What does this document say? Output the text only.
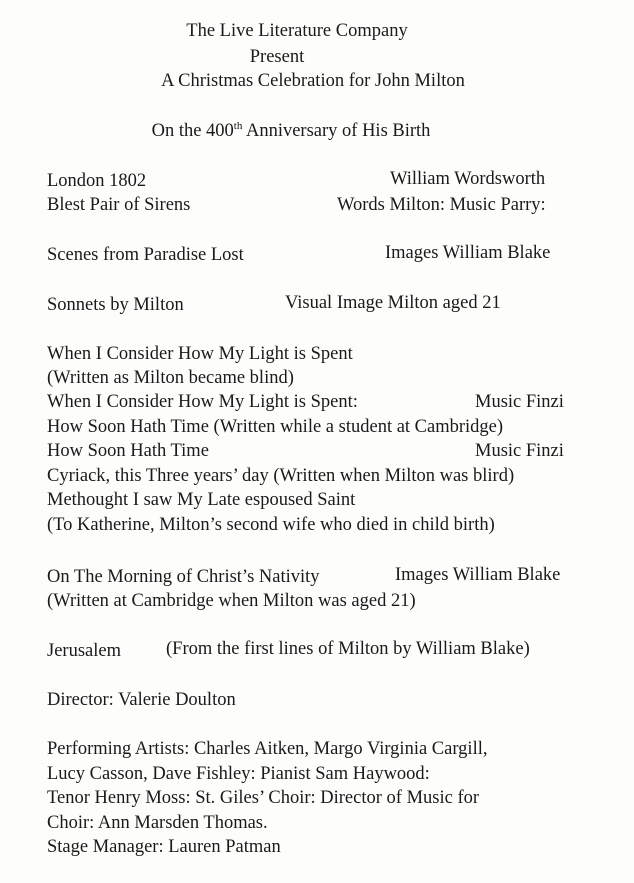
The Live Literature Company
Present
A Christmas Celebration for John Milton
On the 400th Anniversary of His Birth
London 1802	William Wordsworth
Blest Pair of Sirens	Words Milton: Music Parry:
Scenes from Paradise Lost	Images William Blake
Sonnets by Milton	Visual Image Milton aged 21
When I Consider How My Light is Spent
(Written as Milton became blind)
When I Consider How My Light is Spent:	Music Finzi
How Soon Hath Time (Written while a student at Cambridge)
How Soon Hath Time	Music Finzi
Cyriack, this Three years’ day (Written when Milton was blird)
Methought I saw My Late espoused Saint
(To Katherine, Milton’s second wife who died in child birth)
On The Morning of Christ’s Nativity	Images William Blake
(Written at Cambridge when Milton was aged 21)
Jerusalem (From the first lines of Milton by William Blake)
Director: Valerie Doulton
Performing Artists: Charles Aitken, Margo Virginia Cargill,
Lucy Casson, Dave Fishley: Pianist Sam Haywood:
Tenor Henry Moss: St. Giles’ Choir: Director of Music for
Choir: Ann Marsden Thomas.
Stage Manager: Lauren Patman
